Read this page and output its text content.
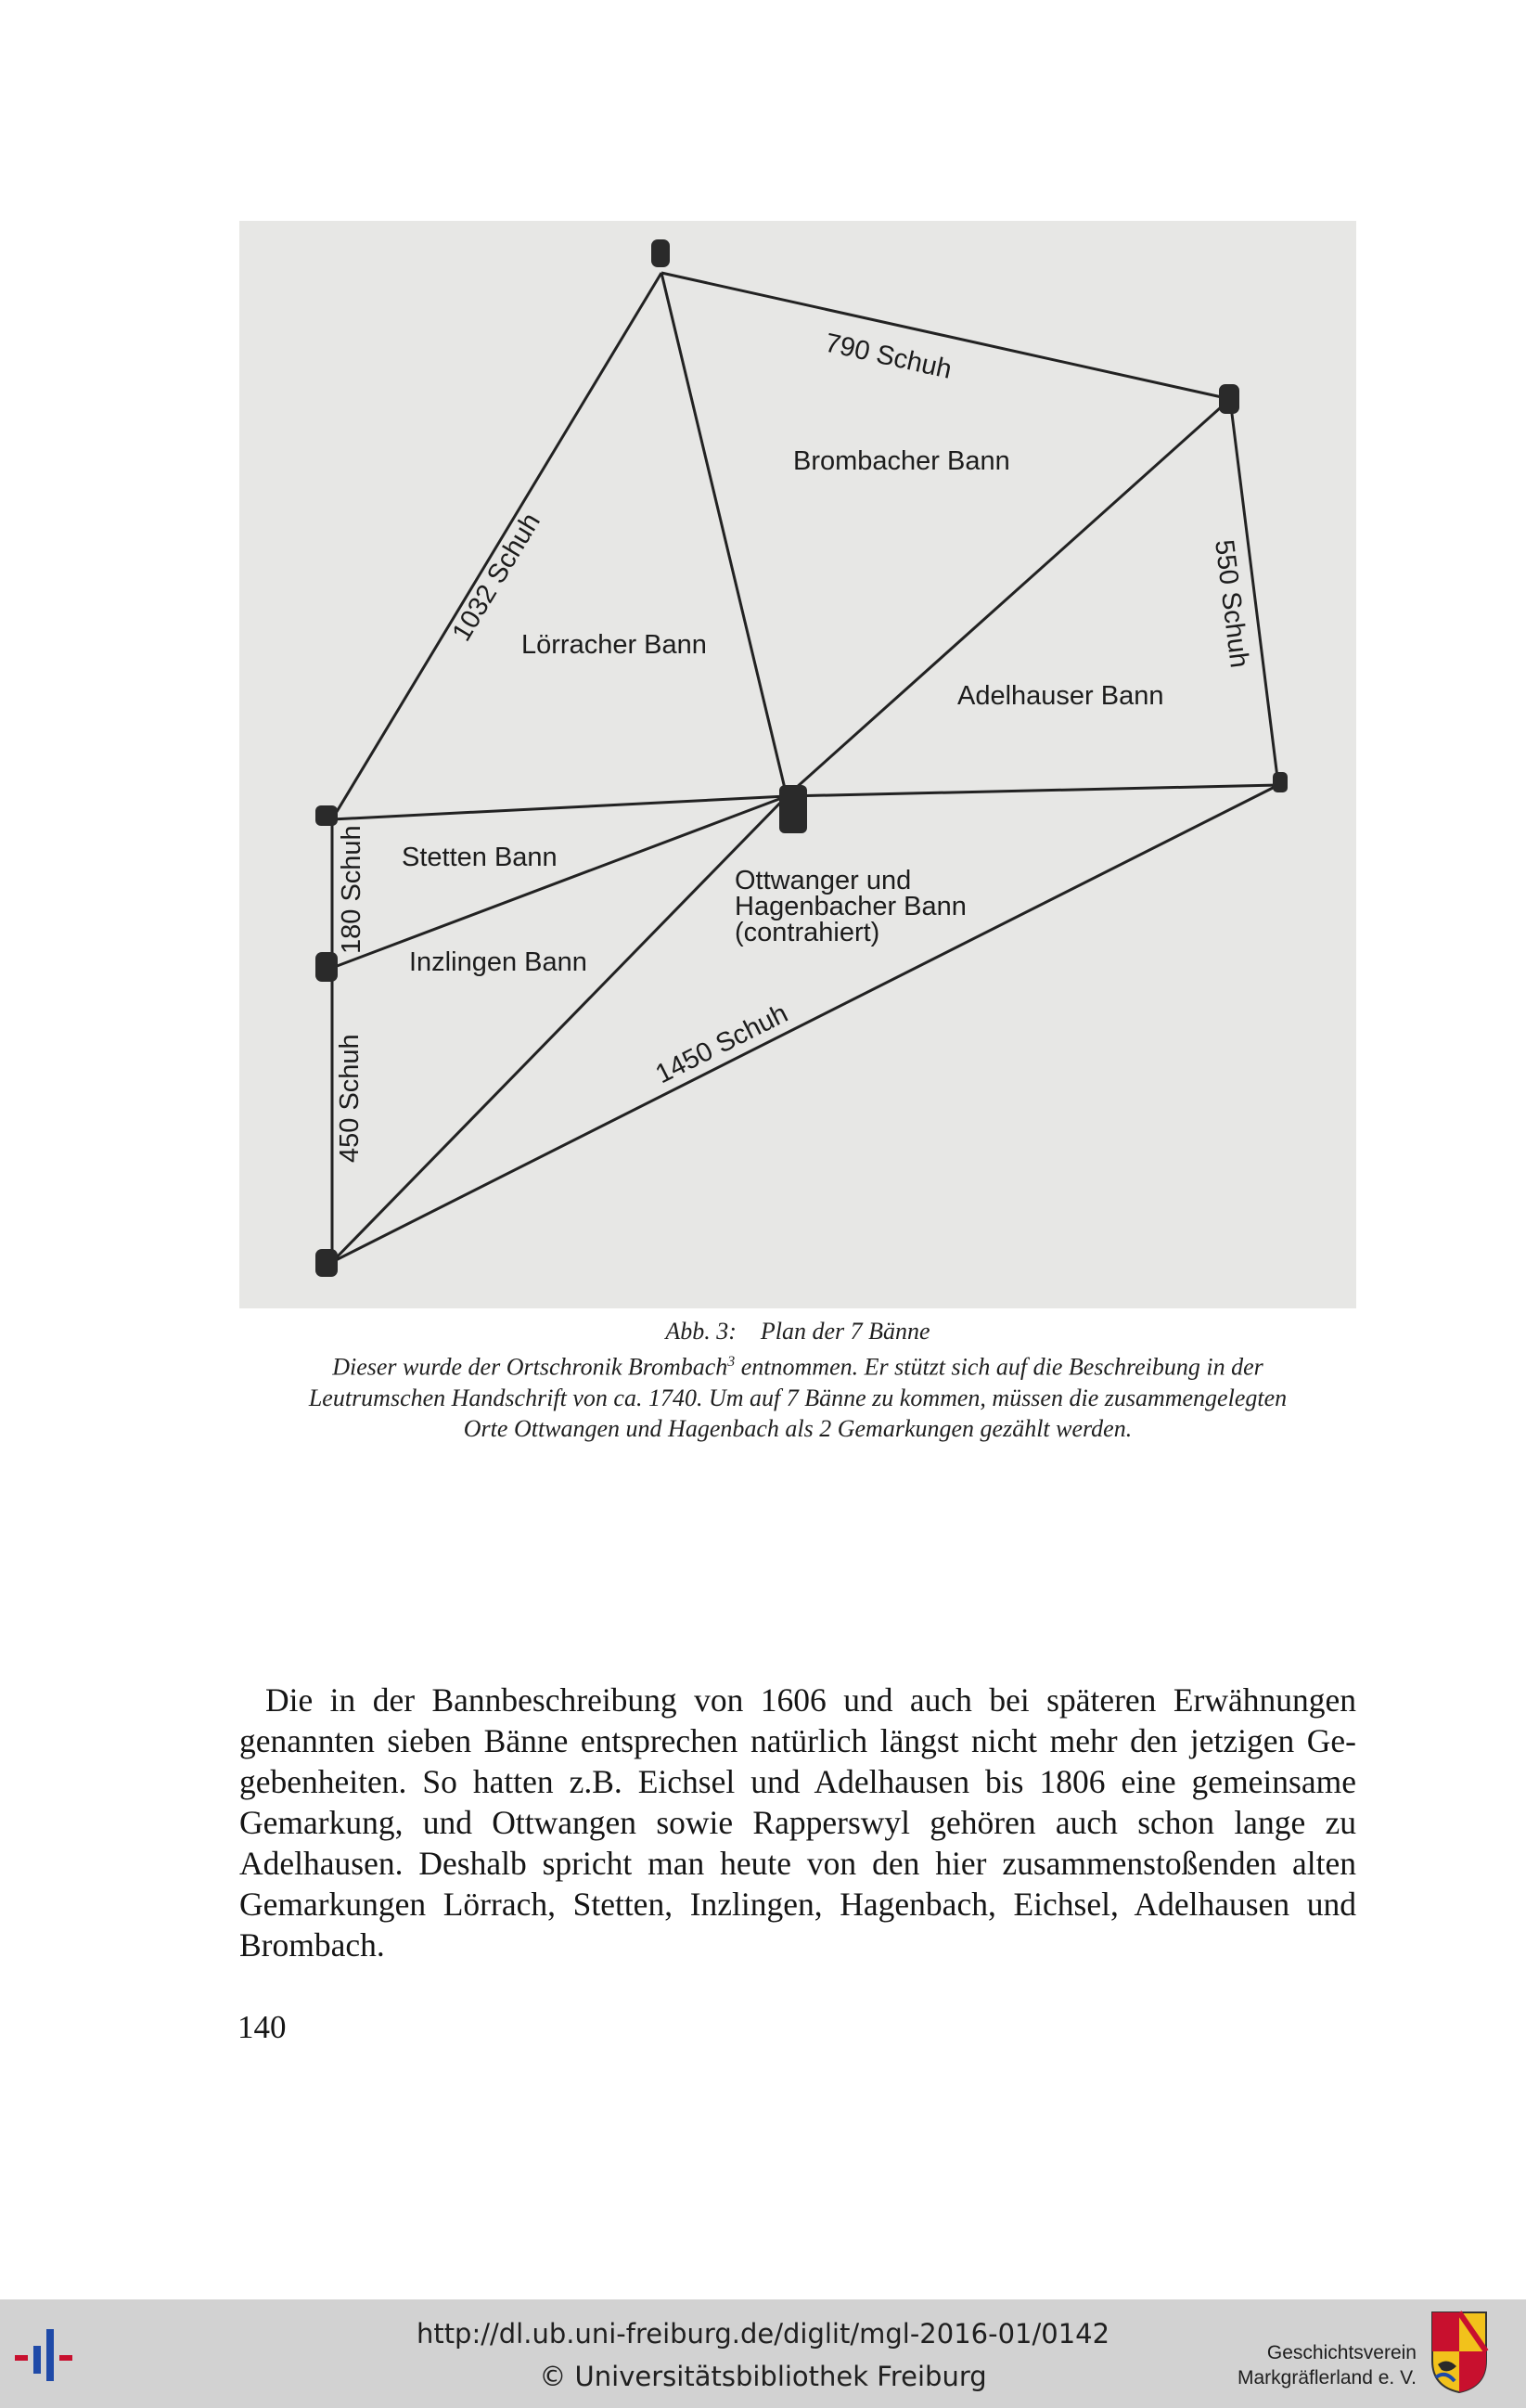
790 Schuh
1032 Schuh	550 Schuh
180 Schuh
450 Schuh	1450 Schuh
Brombacher Bann
Lörracher Bann
Adelhauser Bann
Stetten Bann
Inzlingen Bann
Ottwanger und
Hagenbacher Bann
(contrahiert)
Abb. 3:    Plan der 7 Bänne
Dieser wurde der Ortschronik Brombach$^3$ entnommen. Er stützt sich auf die Beschreibung in der
Leutrumschen Handschrift von ca. 1740. Um auf 7 Bänne zu kommen, müssen die zusammengelegten
Orte Ottwangen und Hagenbach als 2 Gemarkungen gezählt werden.
Die in der Bannbeschreibung von 1606 und auch bei späteren Erwähnungen
genannten sieben Bänne entsprechen natürlich längst nicht mehr den jetzigen Ge-
gebenheiten. So hatten z.B. Eichsel und Adelhausen bis 1806 eine gemeinsame
Gemarkung, und Ottwangen sowie Rapperswyl gehören auch schon lange zu
Adelhausen. Deshalb spricht man heute von den hier zusammenstoßenden alten
Gemarkungen Lörrach, Stetten, Inzlingen, Hagenbach, Eichsel, Adelhausen und
Brombach.
140
http://dl.ub.uni-freiburg.de/diglit/mgl-2016-01/0142
© Universitätsbibliothek Freiburg
Geschichtsverein
Markgräflerland e. V.
